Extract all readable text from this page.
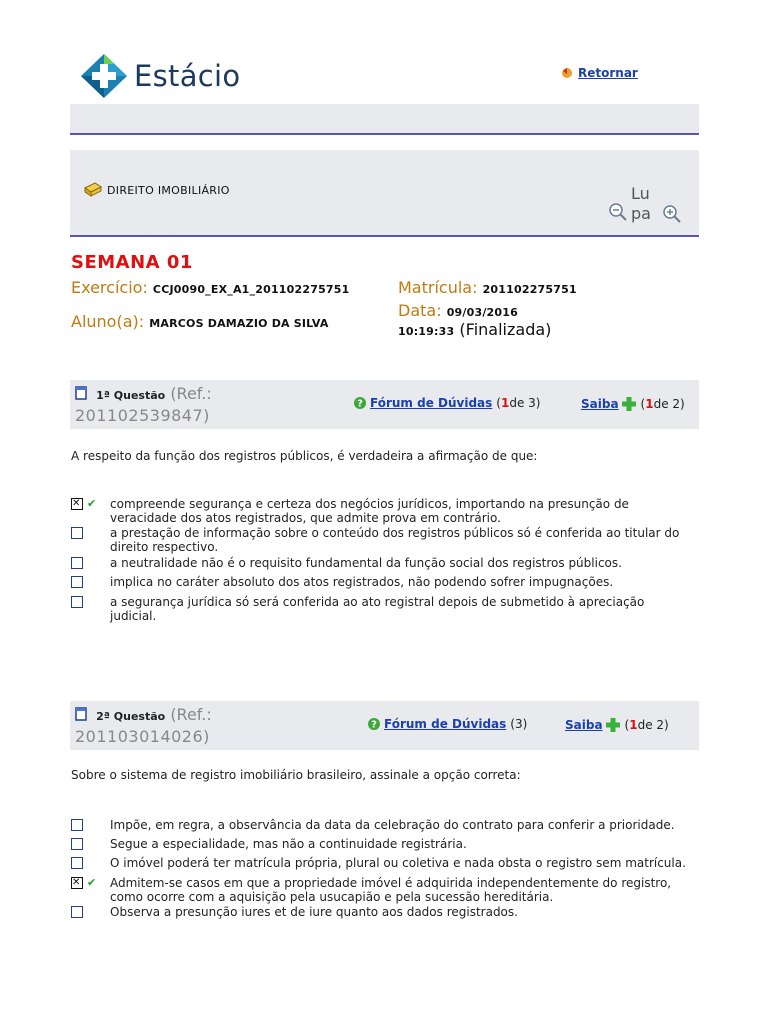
Estácio	Retornar
DIREITO IMOBILIÁRIO	Lu
pa
SEMANA 01
Exercício: CCJ0090_EX_A1_201102275751
Aluno(a): MARCOS DAMAZIO DA SILVA
Matrícula: 201102275751
Data: 09/03/2016
10:19:33 (Finalizada)
1ª Questão (Ref.:
201102539847)
? Fórum de Dúvidas ( 1 de 3)	Saiba ( 1 de 2)
A respeito da função dos registros públicos, é verdadeira a afirmação de que:
✕
✔ compreende segurança e certeza dos negócios jurídicos, importando na presunção de veracidade dos atos registrados, que admite prova em contrário.
a prestação de informação sobre o conteúdo dos registros públicos só é conferida ao titular do direito respectivo.
a neutralidade não é o requisito fundamental da função social dos registros públicos.
implica no caráter absoluto dos atos registrados, não podendo sofrer impugnações.
a segurança jurídica só será conferida ao ato registral depois de submetido à apreciação judicial.
2ª Questão (Ref.:
201103014026)
? Fórum de Dúvidas (3)	Saiba ( 1 de 2)
Sobre o sistema de registro imobiliário brasileiro, assinale a opção correta:
Impõe, em regra, a observância da data da celebração do contrato para conferir a prioridade.
Segue a especialidade, mas não a continuidade registrária.
O imóvel poderá ter matrícula própria, plural ou coletiva e nada obsta o registro sem matrícula.
✕
✔ Admitem-se casos em que a propriedade imóvel é adquirida independentemente do registro, como ocorre com a aquisição pela usucapião e pela sucessão hereditária.
Observa a presunção iures et de iure quanto aos dados registrados.
